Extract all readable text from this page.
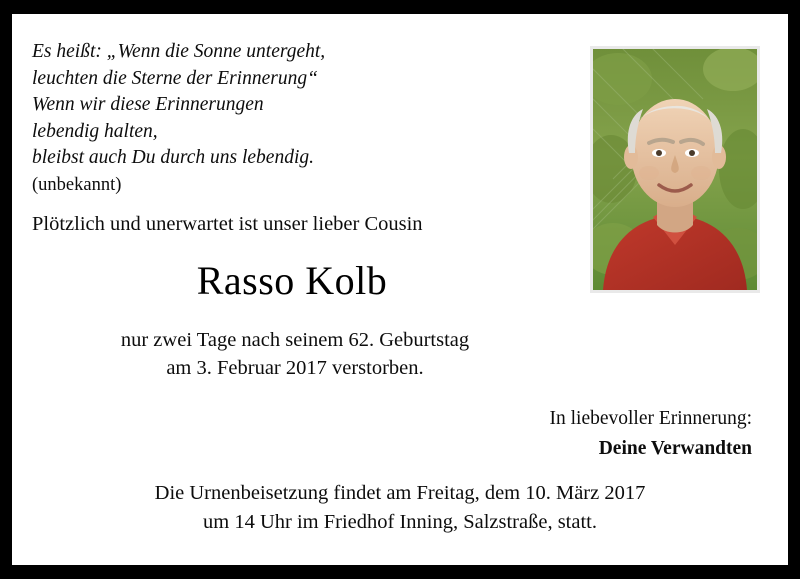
Es heißt: „Wenn die Sonne untergeht,
leuchten die Sterne der Erinnerung“
Wenn wir diese Erinnerungen
lebendig halten,
bleibst auch Du durch uns lebendig.
(unbekannt)
Plötzlich und unerwartet ist unser lieber Cousin
Rasso Kolb
nur zwei Tage nach seinem 62. Geburtstag
am 3. Februar 2017 verstorben.
In liebevoller Erinnerung:
Deine Verwandten
Die Urnenbeisetzung findet am Freitag, dem 10. März 2017
um 14 Uhr im Friedhof Inning, Salzstraße, statt.
